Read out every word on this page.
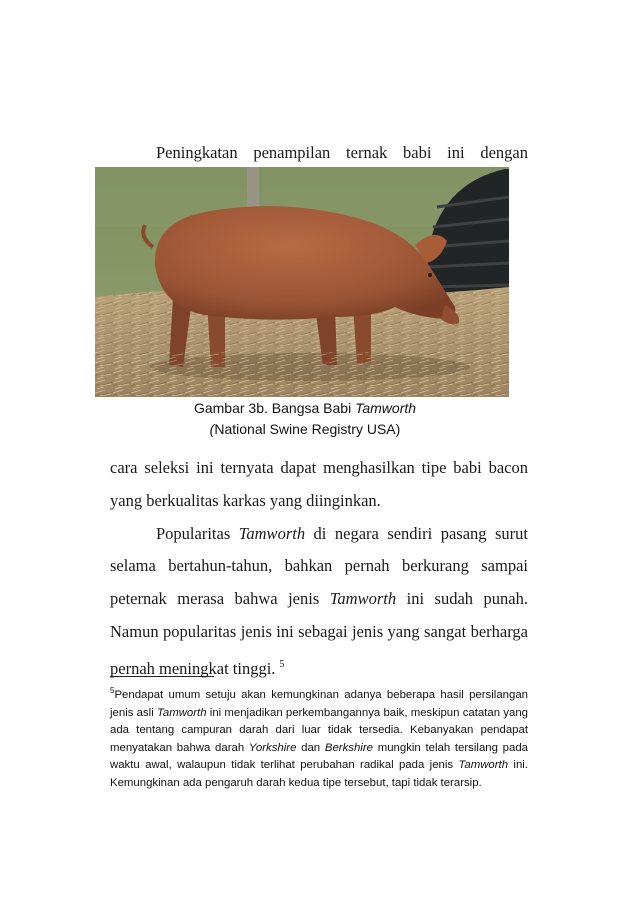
Peningkatan penampilan ternak babi ini dengan
Gambar 3b. Bangsa Babi Tamworth
(National Swine Registry USA)

cara seleksi ini ternyata dapat menghasilkan tipe babi bacon yang berkualitas karkas yang diinginkan.

Popularitas Tamworth di negara sendiri pasang surut selama bertahun-tahun, bahkan pernah berkurang sampai peternak merasa bahwa jenis Tamworth ini sudah punah. Namun popularitas jenis ini sebagai jenis yang sangat berharga pernah meningkat tinggi. $^5$

$^5$Pendapat umum setuju akan kemungkinan adanya beberapa hasil persilangan jenis asli Tamworth ini menjadikan perkembangannya baik, meskipun catatan yang ada tentang campuran darah dari luar tidak tersedia. Kebanyakan pendapat menyatakan bahwa darah Yorkshire dan Berkshire mungkin telah tersilang pada waktu awal, walaupun tidak terlihat perubahan radikal pada jenis Tamworth ini. Kemungkinan ada pengaruh darah kedua tipe tersebut, tapi tidak terarsip.
